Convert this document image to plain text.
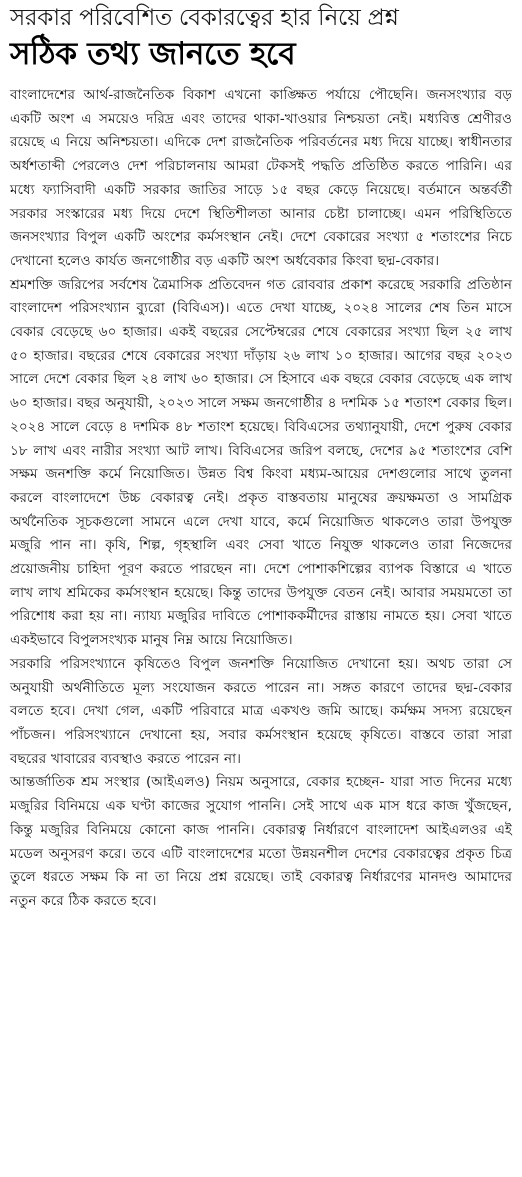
সরকার পরিবেশিত বেকারত্বের হার নিয়ে প্রশ্ন
সঠিক তথ্য জানতে হবে

বাংলাদেশের আর্থ-রাজনৈতিক বিকাশ এখনো কাঙ্ক্ষিত পর্যায়ে পৌছেনি। জনসংখ্যার বড় একটি অংশ এ সময়েও দরিদ্র এবং তাদের থাকা-খাওয়ার নিশ্চয়তা নেই। মধ্যবিত্ত শ্রেণীরও রয়েছে এ নিয়ে অনিশ্চয়তা। এদিকে দেশ রাজনৈতিক পরিবর্তনের মধ্য দিয়ে যাচ্ছে। স্বাধীনতার অর্ধশতাব্দী পেরলেও দেশ পরিচালনায় আমরা টেকসই পদ্ধতি প্রতিষ্ঠিত করতে পারিনি। এর মধ্যে ফ্যাসিবাদী একটি সরকার জাতির সাড়ে ১৫ বছর কেড়ে নিয়েছে। বর্তমানে অন্তর্বর্তী সরকার সংস্কারের মধ্য দিয়ে দেশে স্থিতিশীলতা আনার চেষ্টা চালাচ্ছে। এমন পরিস্থিতিতে জনসংখ্যার বিপুল একটি অংশের কর্মসংস্থান নেই। দেশে বেকারের সংখ্যা ৫ শতাংশের নিচে দেখানো হলেও কার্যত জনগোষ্ঠীর বড় একটি অংশ অর্ধবেকার কিংবা ছদ্ম-বেকার।

শ্রমশক্তি জরিপের সর্বশেষ ত্রৈমাসিক প্রতিবেদন গত রোববার প্রকাশ করেছে সরকারি প্রতিষ্ঠান বাংলাদেশ পরিসংখ্যান ব্যুরো (বিবিএস)। এতে দেখা যাচ্ছে, ২০২৪ সালের শেষ তিন মাসে বেকার বেড়েছে ৬০ হাজার। একই বছরের সেপ্টেম্বরের শেষে বেকারের সংখ্যা ছিল ২৫ লাখ ৫০ হাজার। বছরের শেষে বেকারের সংখ্যা দাঁড়ায় ২৬ লাখ ১০ হাজার। আগের বছর ২০২৩ সালে দেশে বেকার ছিল ২৪ লাখ ৬০ হাজার। সে হিসাবে এক বছরে বেকার বেড়েছে এক লাখ ৬০ হাজার। বছর অনুযায়ী, ২০২৩ সালে সক্ষম জনগোষ্ঠীর ৪ দশমিক ১৫ শতাংশ বেকার ছিল। ২০২৪ সালে বেড়ে ৪ দশমিক ৪৮ শতাংশ হয়েছে। বিবিএসের তথ্যানুযায়ী, দেশে পুরুষ বেকার ১৮ লাখ এবং নারীর সংখ্যা আট লাখ। বিবিএসের জরিপ বলছে, দেশের ৯৫ শতাংশের বেশি সক্ষম জনশক্তি কর্মে নিয়োজিত। উন্নত বিশ্ব কিংবা মধ্যম-আয়ের দেশগুলোর সাথে তুলনা করলে বাংলাদেশে উচ্চ বেকারত্ব নেই। প্রকৃত বাস্তবতায় মানুষের ক্রয়ক্ষমতা ও সামগ্রিক অর্থনৈতিক সূচকগুলো সামনে এলে দেখা যাবে, কর্মে নিয়োজিত থাকলেও তারা উপযুক্ত মজুরি পান না। কৃষি, শিল্প, গৃহস্থালি এবং সেবা খাতে নিযুক্ত থাকলেও তারা নিজেদের প্রয়োজনীয় চাহিদা পূরণ করতে পারছেন না। দেশে পোশাকশিল্পের ব্যাপক বিস্তারে এ খাতে লাখ লাখ শ্রমিকের কর্মসংস্থান হয়েছে। কিন্তু তাদের উপযুক্ত বেতন নেই। আবার সময়মতো তা পরিশোধ করা হয় না। ন্যায্য মজুরির দাবিতে পোশাককর্মীদের রাস্তায় নামতে হয়। সেবা খাতে একইভাবে বিপুলসংখ্যক মানুষ নিম্ন আয়ে নিয়োজিত।

সরকারি পরিসংখ্যানে কৃষিতেও বিপুল জনশক্তি নিয়োজিত দেখানো হয়। অথচ তারা সে অনুযায়ী অর্থনীতিতে মূল্য সংযোজন করতে পারেন না। সঙ্গত কারণে তাদের ছদ্ম-বেকার বলতে হবে। দেখা গেল, একটি পরিবারে মাত্র একখণ্ড জমি আছে। কর্মক্ষম সদস্য রয়েছেন পাঁচজন। পরিসংখ্যানে দেখানো হয়, সবার কর্মসংস্থান হয়েছে কৃষিতে। বাস্তবে তারা সারা বছরের খাবারের ব্যবস্থাও করতে পারেন না।

আন্তর্জাতিক শ্রম সংস্থার (আইএলও) নিয়ম অনুসারে, বেকার হচ্ছেন- যারা সাত দিনের মধ্যে মজুরির বিনিময়ে এক ঘণ্টা কাজের সুযোগ পাননি। সেই সাথে এক মাস ধরে কাজ খুঁজছেন, কিন্তু মজুরির বিনিময়ে কোনো কাজ পাননি। বেকারত্ব নির্ধারণে বাংলাদেশ আইএলওর এই মডেল অনুসরণ করে। তবে এটি বাংলাদেশের মতো উন্নয়নশীল দেশের বেকারত্বের প্রকৃত চিত্র তুলে ধরতে সক্ষম কি না তা নিয়ে প্রশ্ন রয়েছে। তাই বেকারত্ব নির্ধারণের মানদণ্ড আমাদের নতুন করে ঠিক করতে হবে।
